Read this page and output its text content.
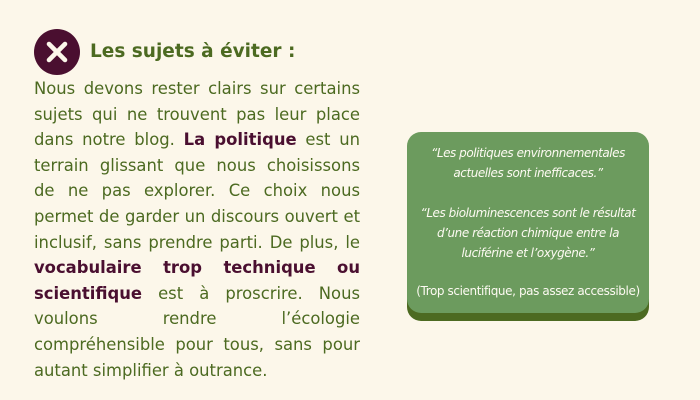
Les sujets à éviter :

Nous devons rester clairs sur certains sujets qui ne trouvent pas leur place dans notre blog. La politique est un terrain glissant que nous choisissons de ne pas explorer. Ce choix nous permet de garder un discours ouvert et inclusif, sans prendre parti. De plus, le vocabulaire trop technique ou scientifique est à proscrire. Nous voulons rendre l’écologie compréhensible pour tous, sans pour autant simplifier à outrance.

“Les politiques environnementales actuelles sont inefficaces.”

“Les bioluminescences sont le résultat d’une réaction chimique entre la luciférine et l’oxygène.”

(Trop scientifique, pas assez accessible)
